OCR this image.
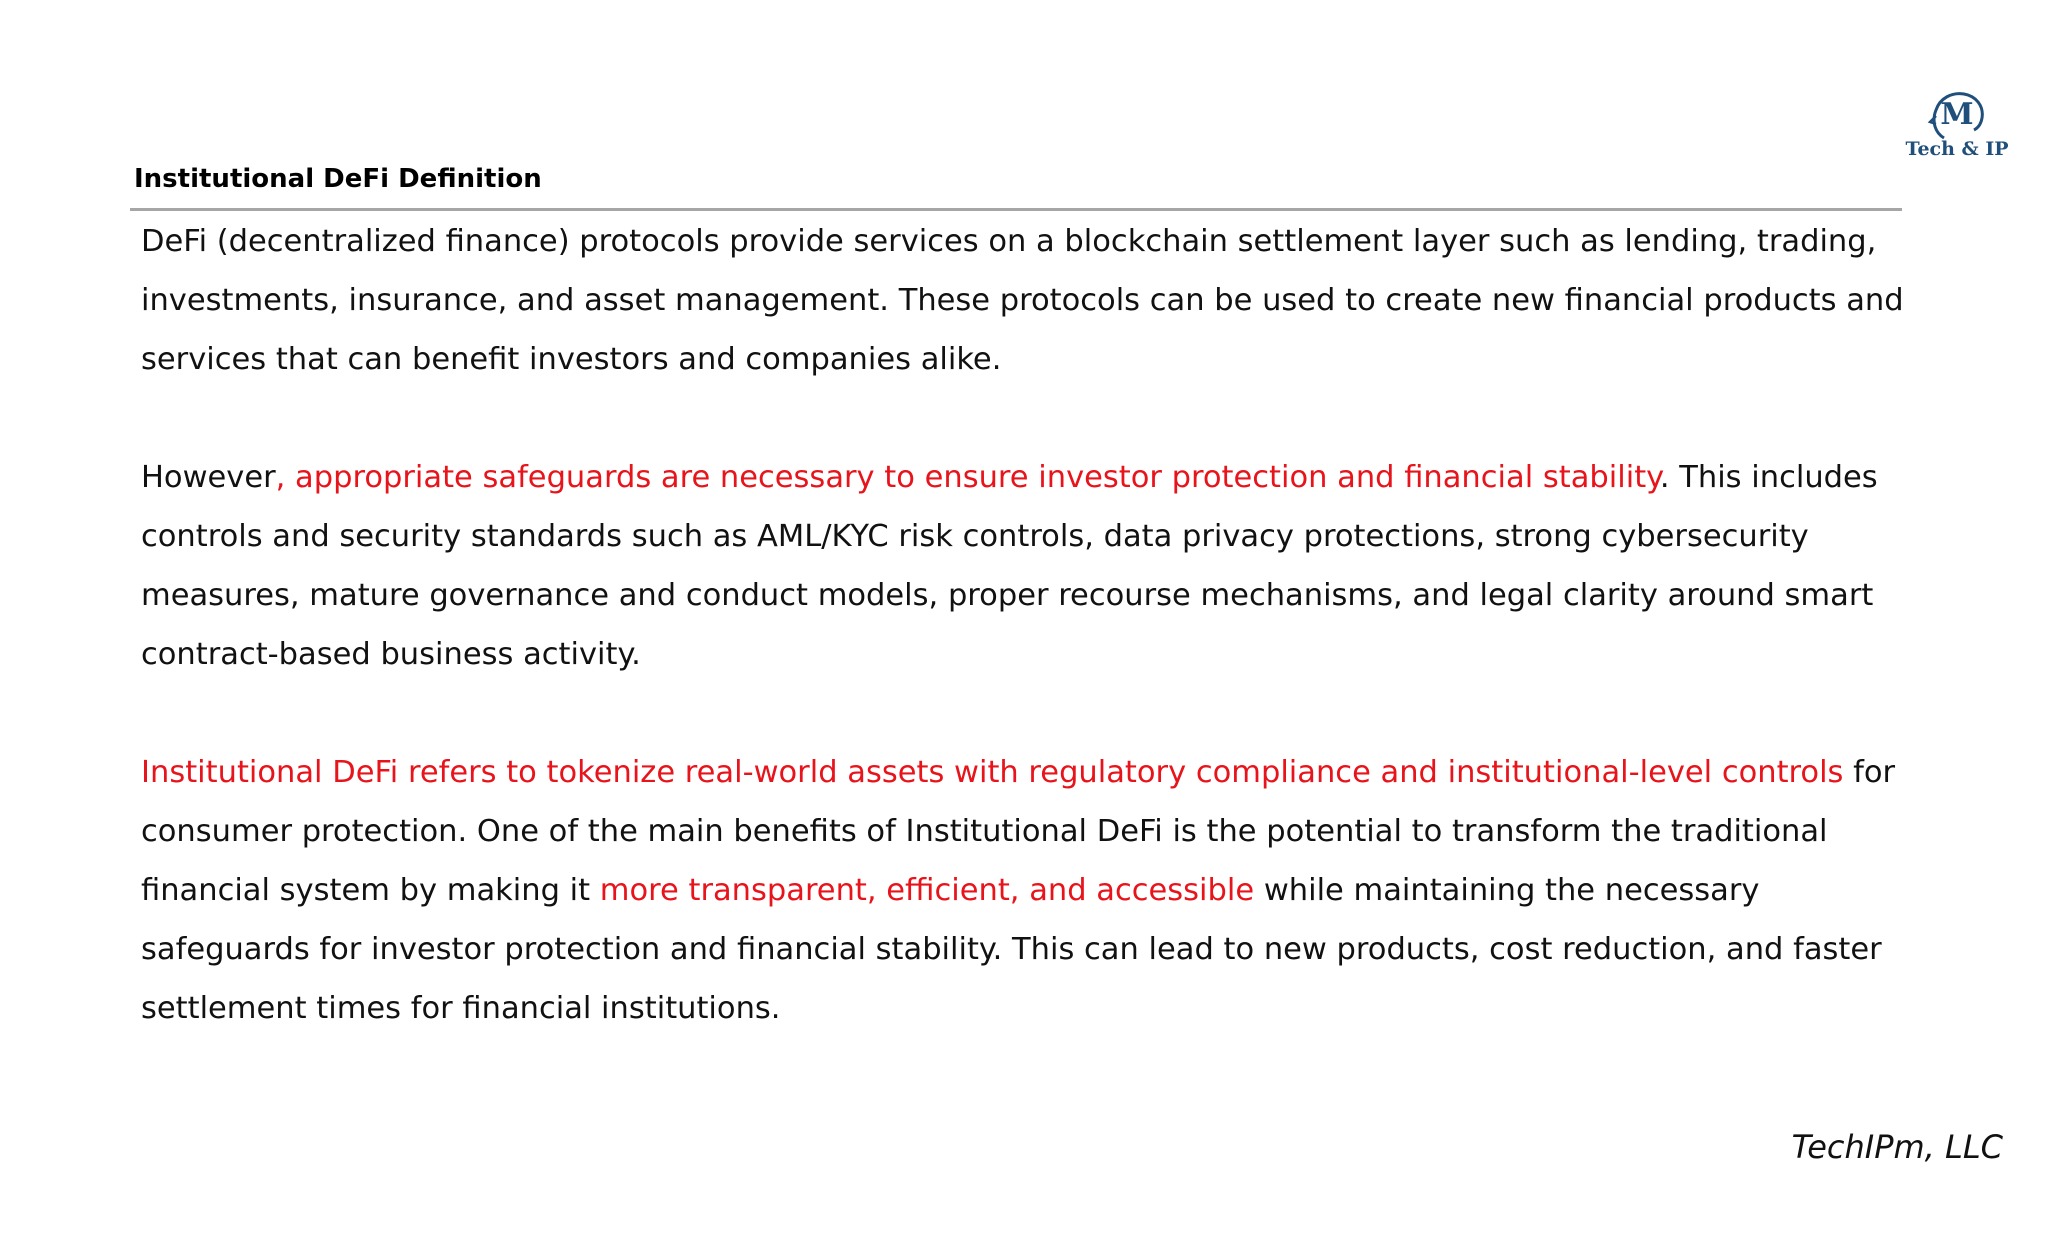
M
Tech & IP
Institutional DeFi Definition

DeFi (decentralized finance) protocols provide services on a blockchain settlement layer such as lending, trading, investments, insurance, and asset management. These protocols can be used to create new financial products and services that can benefit investors and companies alike.

However, appropriate safeguards are necessary to ensure investor protection and financial stability. This includes controls and security standards such as AML/KYC risk controls, data privacy protections, strong cybersecurity measures, mature governance and conduct models, proper recourse mechanisms, and legal clarity around smart contract-based business activity.

Institutional DeFi refers to tokenize real-world assets with regulatory compliance and institutional-level controls for consumer protection. One of the main benefits of Institutional DeFi is the potential to transform the traditional financial system by making it more transparent, efficient, and accessible while maintaining the necessary safeguards for investor protection and financial stability. This can lead to new products, cost reduction, and faster settlement times for financial institutions.

TechIPm, LLC
